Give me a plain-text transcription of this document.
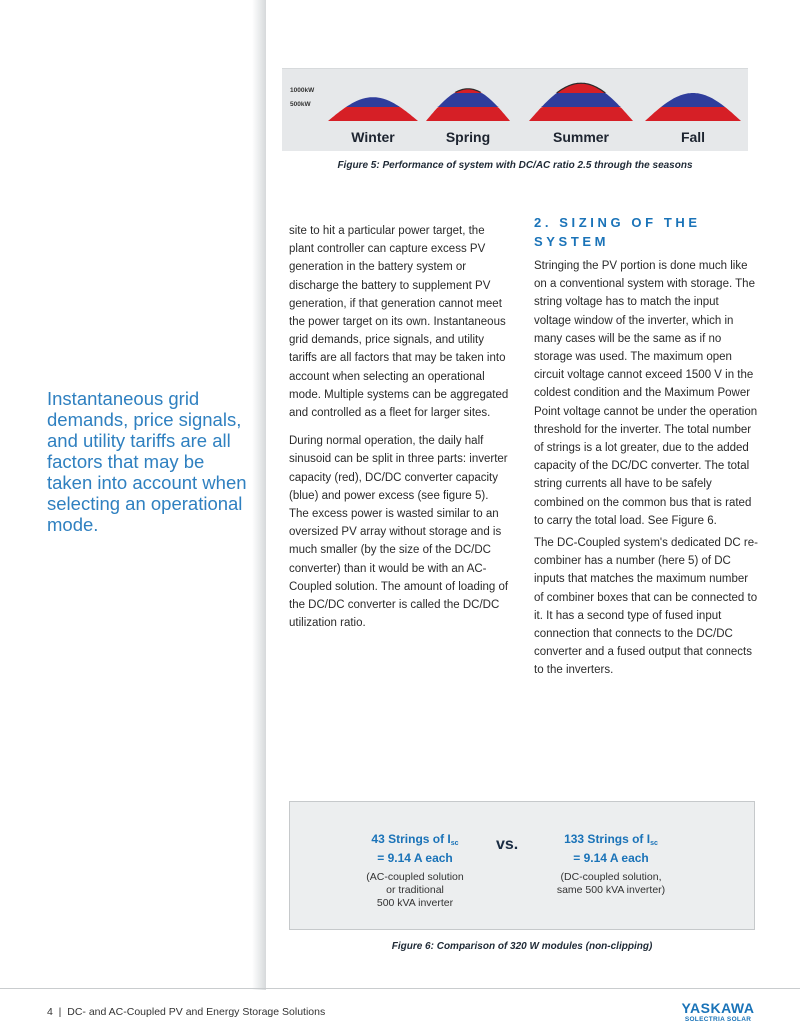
1000kW
500kW
Winter	Spring	Summer	Fall
Figure 5: Performance of system with DC/AC ratio 2.5 through the seasons
Instantaneous grid demands, price signals, and utility tariffs are all factors that may be taken into account when selecting an operational mode.

site to hit a particular power target, the plant controller can capture excess PV generation in the battery system or discharge the battery to supplement PV generation, if that generation cannot meet the power target on its own. Instantaneous grid demands, price signals, and utility tariffs are all factors that may be taken into account when selecting an operational mode. Multiple systems can be aggregated and controlled as a fleet for larger sites.

During normal operation, the daily half sinusoid can be split in three parts: inverter capacity (red), DC/DC converter capacity (blue) and power excess (see figure 5). The excess power is wasted similar to an oversized PV array without storage and is much smaller (by the size of the DC/DC converter) than it would be with an AC-Coupled solution. The amount of loading of the DC/DC converter is called the DC/DC utilization ratio.

2. SIZING OF THE SYSTEM

Stringing the PV portion is done much like on a conventional system with storage. The string voltage has to match the input voltage window of the inverter, which in many cases will be the same as if no storage was used. The maximum open circuit voltage cannot exceed 1500 V in the coldest condition and the Maximum Power Point voltage cannot be under the operation threshold for the inverter. The total number of strings is a lot greater, due to the added capacity of the DC/DC converter. The total string currents all have to be safely combined on the common bus that is rated to carry the total load. See Figure 6.

The DC-Coupled system's dedicated DC re-combiner has a number (here 5) of DC inputs that matches the maximum number of combiner boxes that can be connected to it. It has a second type of fused input connection that connects to the DC/DC converter and a fused output that connects to the inverters.

43 Strings of $I_{sc}$
= 9.14 A each
(AC-coupled solution
or traditional
500 kVA inverter
vs.	133 Strings of $I_{sc}$
= 9.14 A each
(DC-coupled solution,
same 500 kVA inverter)
Figure 6: Comparison of 320 W modules (non-clipping)
4  |  DC- and AC-Coupled PV and Energy Storage Solutions	YASKAWA
SOLECTRIA SOLAR
